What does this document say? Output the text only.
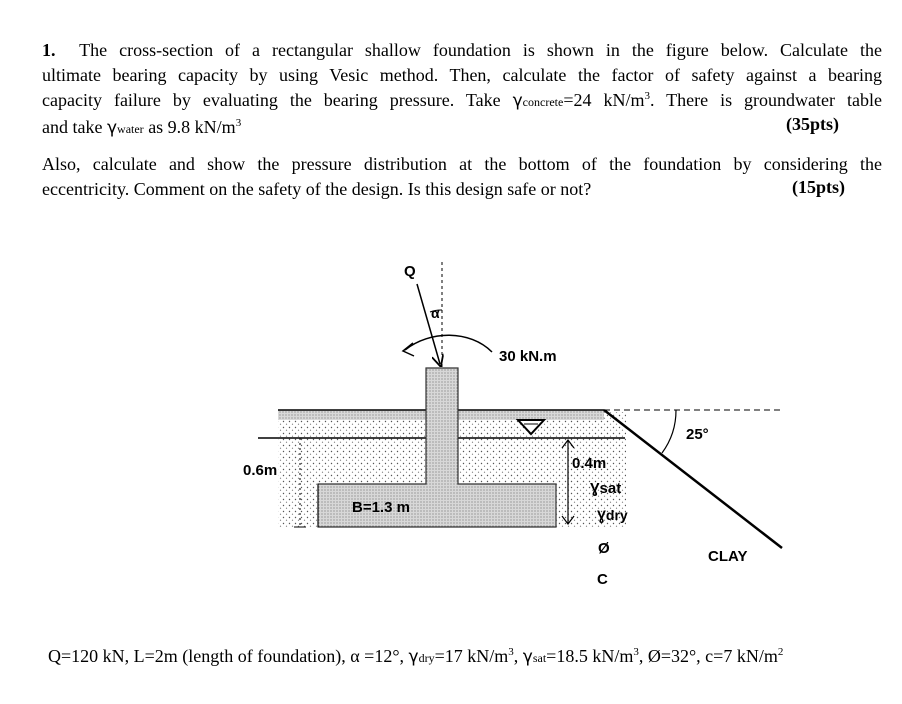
1. The cross-section of a rectangular shallow foundation is shown in the figure below. Calculate the
ultimate bearing capacity by using Vesic method. Then, calculate the factor of safety against a bearing
capacity failure by evaluating the bearing pressure. Take γconcrete=24 $kN/m^3$. There is groundwater table
and take γwater as 9.8 $kN/m^3$	(35pts)
Also, calculate and show the pressure distribution at the bottom of the foundation by considering the
eccentricity. Comment on the safety of the design. Is this design safe or not?	(15pts)
Q
α
30 kN.m
25°
0.6m
B=1.3 m
0.4m
Ɣsat
Ɣdry
Ø
C
CLAY
Q=120 kN, L=2m (length of foundation), α =12°, γdry=17 $kN/m^3$, γsat=18.5 $kN/m^3$, Ø=32°, c=7 $kN/m^2$
